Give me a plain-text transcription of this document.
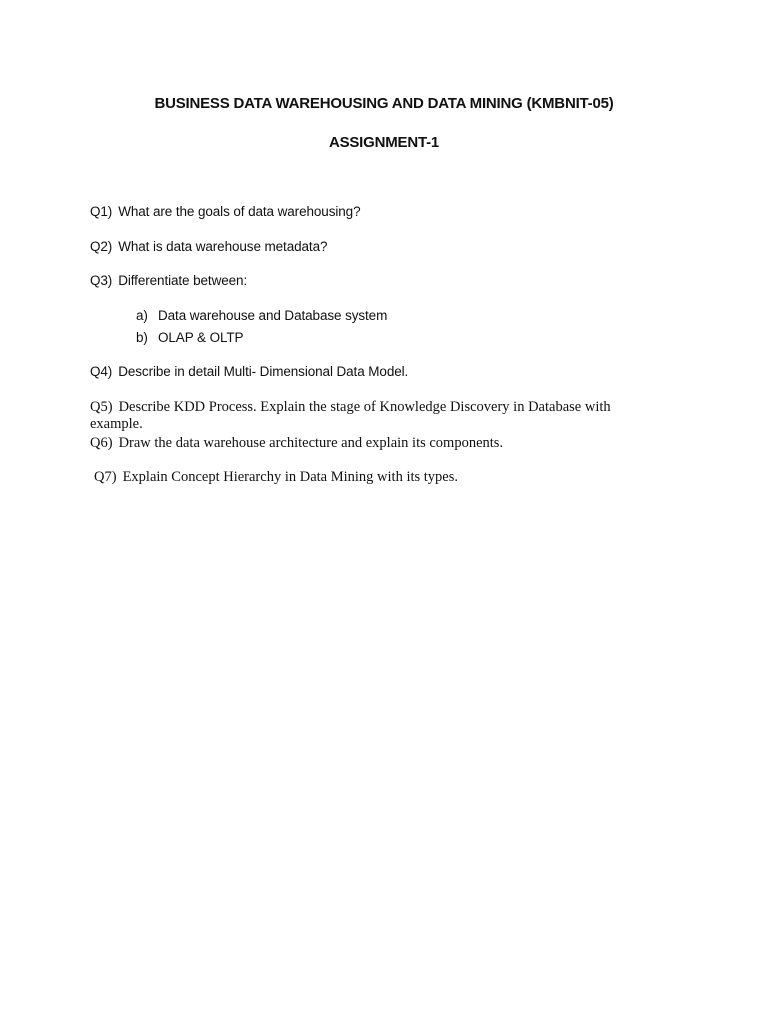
BUSINESS DATA WAREHOUSING AND DATA MINING (KMBNIT-05)
ASSIGNMENT-1
Q1) What are the goals of data warehousing?
Q2) What is data warehouse metadata?
Q3) Differentiate between:
a) Data warehouse and Database system
b) OLAP & OLTP
Q4) Describe in detail Multi- Dimensional Data Model.
Q5) Describe KDD Process. Explain the stage of Knowledge Discovery in Database with example.
Q6) Draw the data warehouse architecture and explain its components.
Q7) Explain Concept Hierarchy in Data Mining with its types.
